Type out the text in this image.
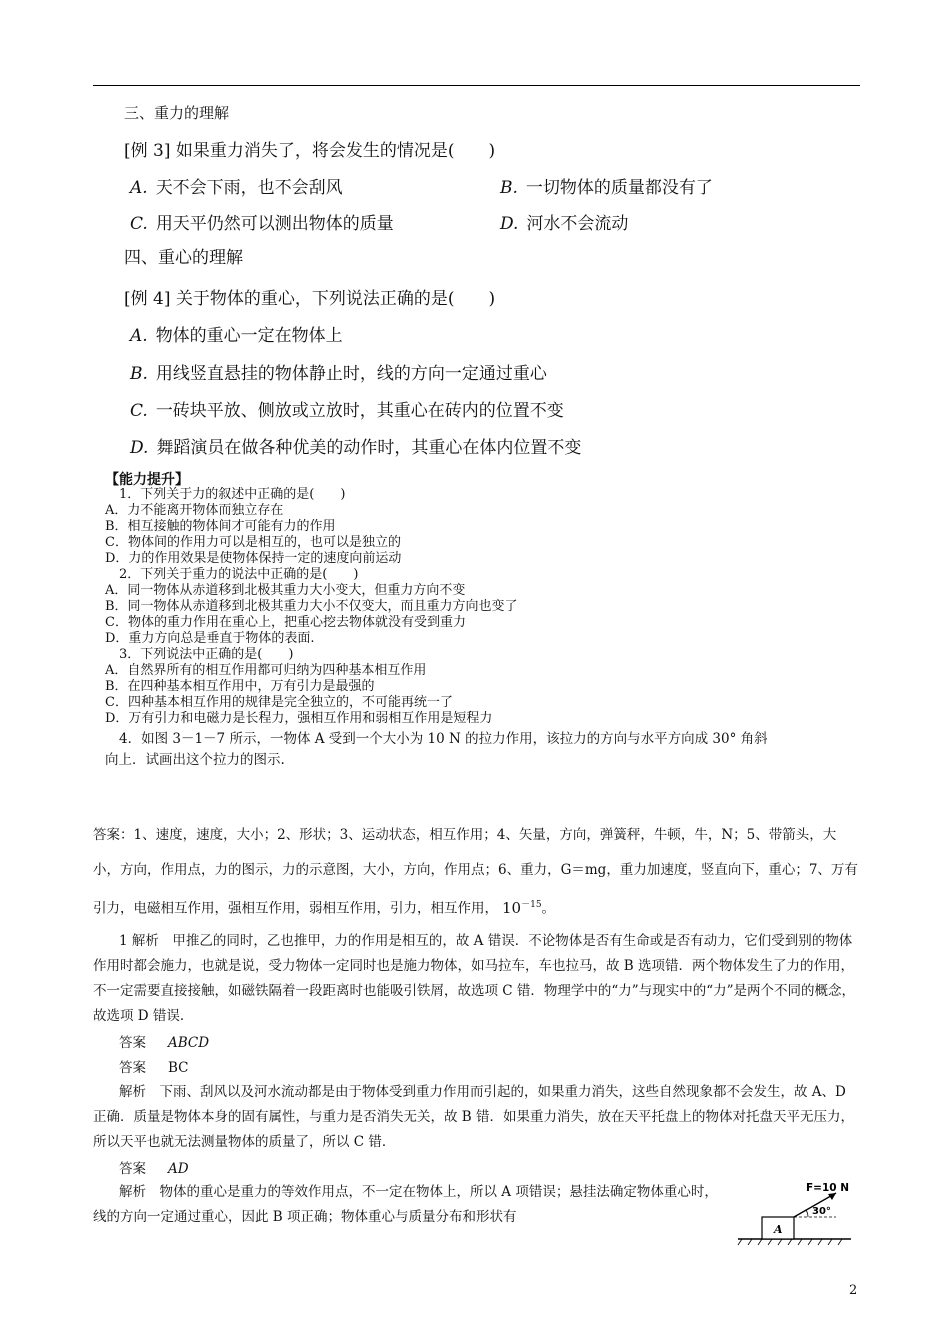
三、重力的理解
[例 3] 如果重力消失了，将会发生的情况是(　　)
A. 天不会下雨，也不会刮风	B. 一切物体的质量都没有了
C. 用天平仍然可以测出物体的质量	D. 河水不会流动
四、重心的理解
[例 4] 关于物体的重心，下列说法正确的是(　　)
A. 物体的重心一定在物体上
B. 用线竖直悬挂的物体静止时，线的方向一定通过重心
C. 一砖块平放、侧放或立放时，其重心在砖内的位置不变
D. 舞蹈演员在做各种优美的动作时，其重心在体内位置不变
【能力提升】
1．下列关于力的叙述中正确的是(　　)
A．力不能离开物体而独立存在
B．相互接触的物体间才可能有力的作用
C．物体间的作用力可以是相互的，也可以是独立的
D．力的作用效果是使物体保持一定的速度向前运动
2．下列关于重力的说法中正确的是(　　)
A．同一物体从赤道移到北极其重力大小变大，但重力方向不变
B．同一物体从赤道移到北极其重力大小不仅变大，而且重力方向也变了
C．物体的重力作用在重心上，把重心挖去物体就没有受到重力
D．重力方向总是垂直于物体的表面.
3．下列说法中正确的是(　　)
A．自然界所有的相互作用都可归纳为四种基本相互作用
B．在四种基本相互作用中，万有引力是最强的
C．四种基本相互作用的规律是完全独立的，不可能再统一了
D．万有引力和电磁力是长程力，强相互作用和弱相互作用是短程力
4．如图 3－1－7 所示，一物体 A 受到一个大小为 10 N 的拉力作用，该拉力的方向与水平方向成 30° 角斜
向上．试画出这个拉力的图示.
答案：1、速度，速度，大小；2、形状；3、运动状态，相互作用；4、矢量，方向，弹簧秤，牛顿，牛，N；5、带箭头，大小，方向，作用点，力的图示，力的示意图，大小，方向，作用点；6、重力，G＝mg，重力加速度，竖直向下，重心；7、万有引力，电磁相互作用，强相互作用，弱相互作用，引力，相互作用， $10^{-15}$。
1 解析　甲推乙的同时，乙也推甲，力的作用是相互的，故 A 错误．不论物体是否有生命或是否有动力，它们受到别的物体作用时都会施力，也就是说，受力物体一定同时也是施力物体，如马拉车，车也拉马，故 B 选项错．两个物体发生了力的作用，不一定需要直接接触，如磁铁隔着一段距离时也能吸引铁屑，故选项 C 错．物理学中的“力”与现实中的“力”是两个不同的概念，故选项 D 错误．
答案 ABCD
答案 BC
解析　下雨、刮风以及河水流动都是由于物体受到重力作用而引起的，如果重力消失，这些自然现象都不会发生，故 A、D 正确．质量是物体本身的固有属性，与重力是否消失无关，故 B 错．如果重力消失，放在天平托盘上的物体对托盘天平无压力，所以天平也就无法测量物体的质量了，所以 C 错．
答案 AD
解析　物体的重心是重力的等效作用点，不一定在物体上，所以 A 项错误；悬挂法确定物体重心时，线的方向一定通过重心，因此 B 项正确；物体重心与质量分布和形状有
A
F=10 N
30°
2
